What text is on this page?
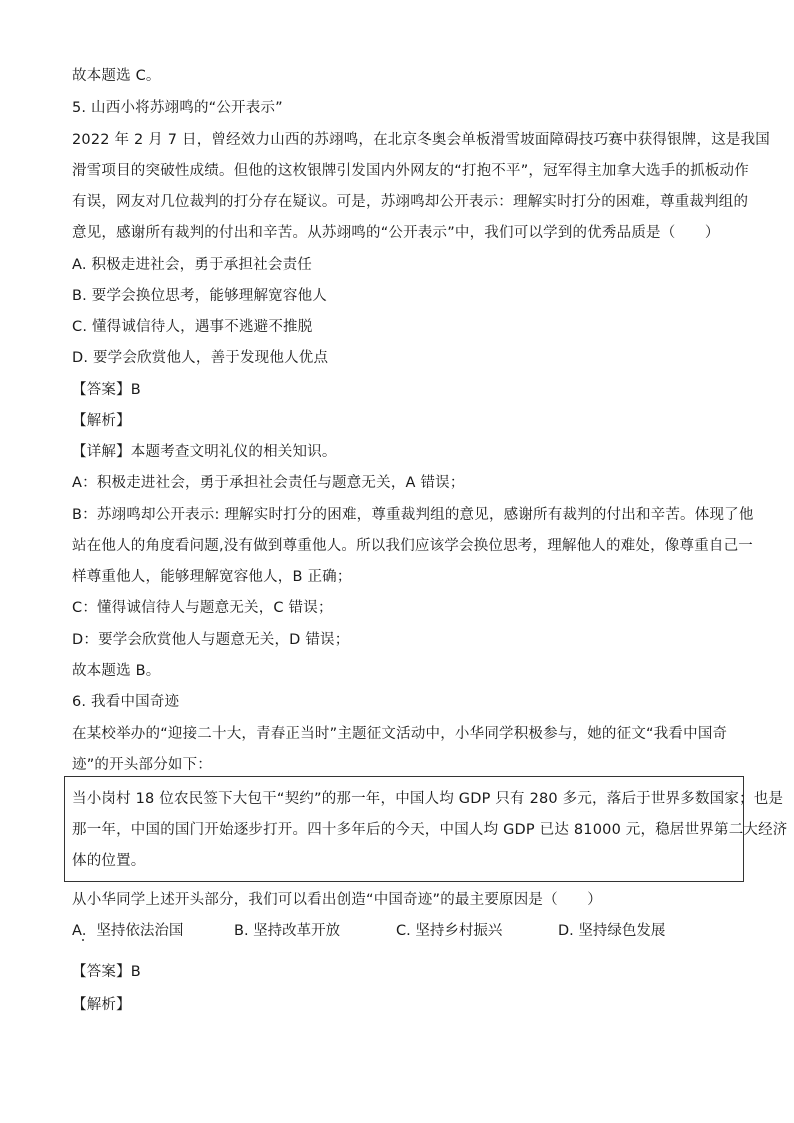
故本题选 C。
5. 山西小将苏翊鸣的“公开表示”
2022 年 2 月 7 日，曾经效力山西的苏翊鸣，在北京冬奥会单板滑雪坡面障碍技巧赛中获得银牌，这是我国
滑雪项目的突破性成绩。但他的这枚银牌引发国内外网友的“打抱不平”，冠军得主加拿大选手的抓板动作
有误，网友对几位裁判的打分存在疑议。可是，苏翊鸣却公开表示：理解实时打分的困难，尊重裁判组的
意见，感谢所有裁判的付出和辛苦。从苏翊鸣的“公开表示”中，我们可以学到的优秀品质是（　　）
A. 积极走进社会，勇于承担社会责任
B. 要学会换位思考，能够理解宽容他人
C. 懂得诚信待人，遇事不逃避不推脱
D. 要学会欣赏他人，善于发现他人优点
【答案】B
【解析】
【详解】本题考查文明礼仪的相关知识。
A：积极走进社会，勇于承担社会责任与题意无关，A 错误；
B：苏翊鸣却公开表示: 理解实时打分的困难，尊重裁判组的意见，感谢所有裁判的付出和辛苦。体现了他
站在他人的角度看问题,没有做到尊重他人。所以我们应该学会换位思考，理解他人的难处，像尊重自己一
样尊重他人，能够理解宽容他人，B 正确；
C：懂得诚信待人与题意无关，C 错误；
D：要学会欣赏他人与题意无关，D 错误；
故本题选 B。
6. 我看中国奇迹
在某校举办的“迎接二十大，青春正当时”主题征文活动中，小华同学积极参与，她的征文“我看中国奇
迹”的开头部分如下：
当小岗村 18 位农民签下大包干“契约”的那一年，中国人均 GDP 只有 280 多元，落后于世界多数国家；也是
那一年，中国的国门开始逐步打开。四十多年后的今天，中国人均 GDP 已达 81000 元，稳居世界第二大经济
体的位置。
从小华同学上述开头部分，我们可以看出创造“中国奇迹”的最主要原因是（　　）
A．坚持依法治国	B. 坚持改革开放	C. 坚持乡村振兴	D. 坚持绿色发展
【答案】B
【解析】
